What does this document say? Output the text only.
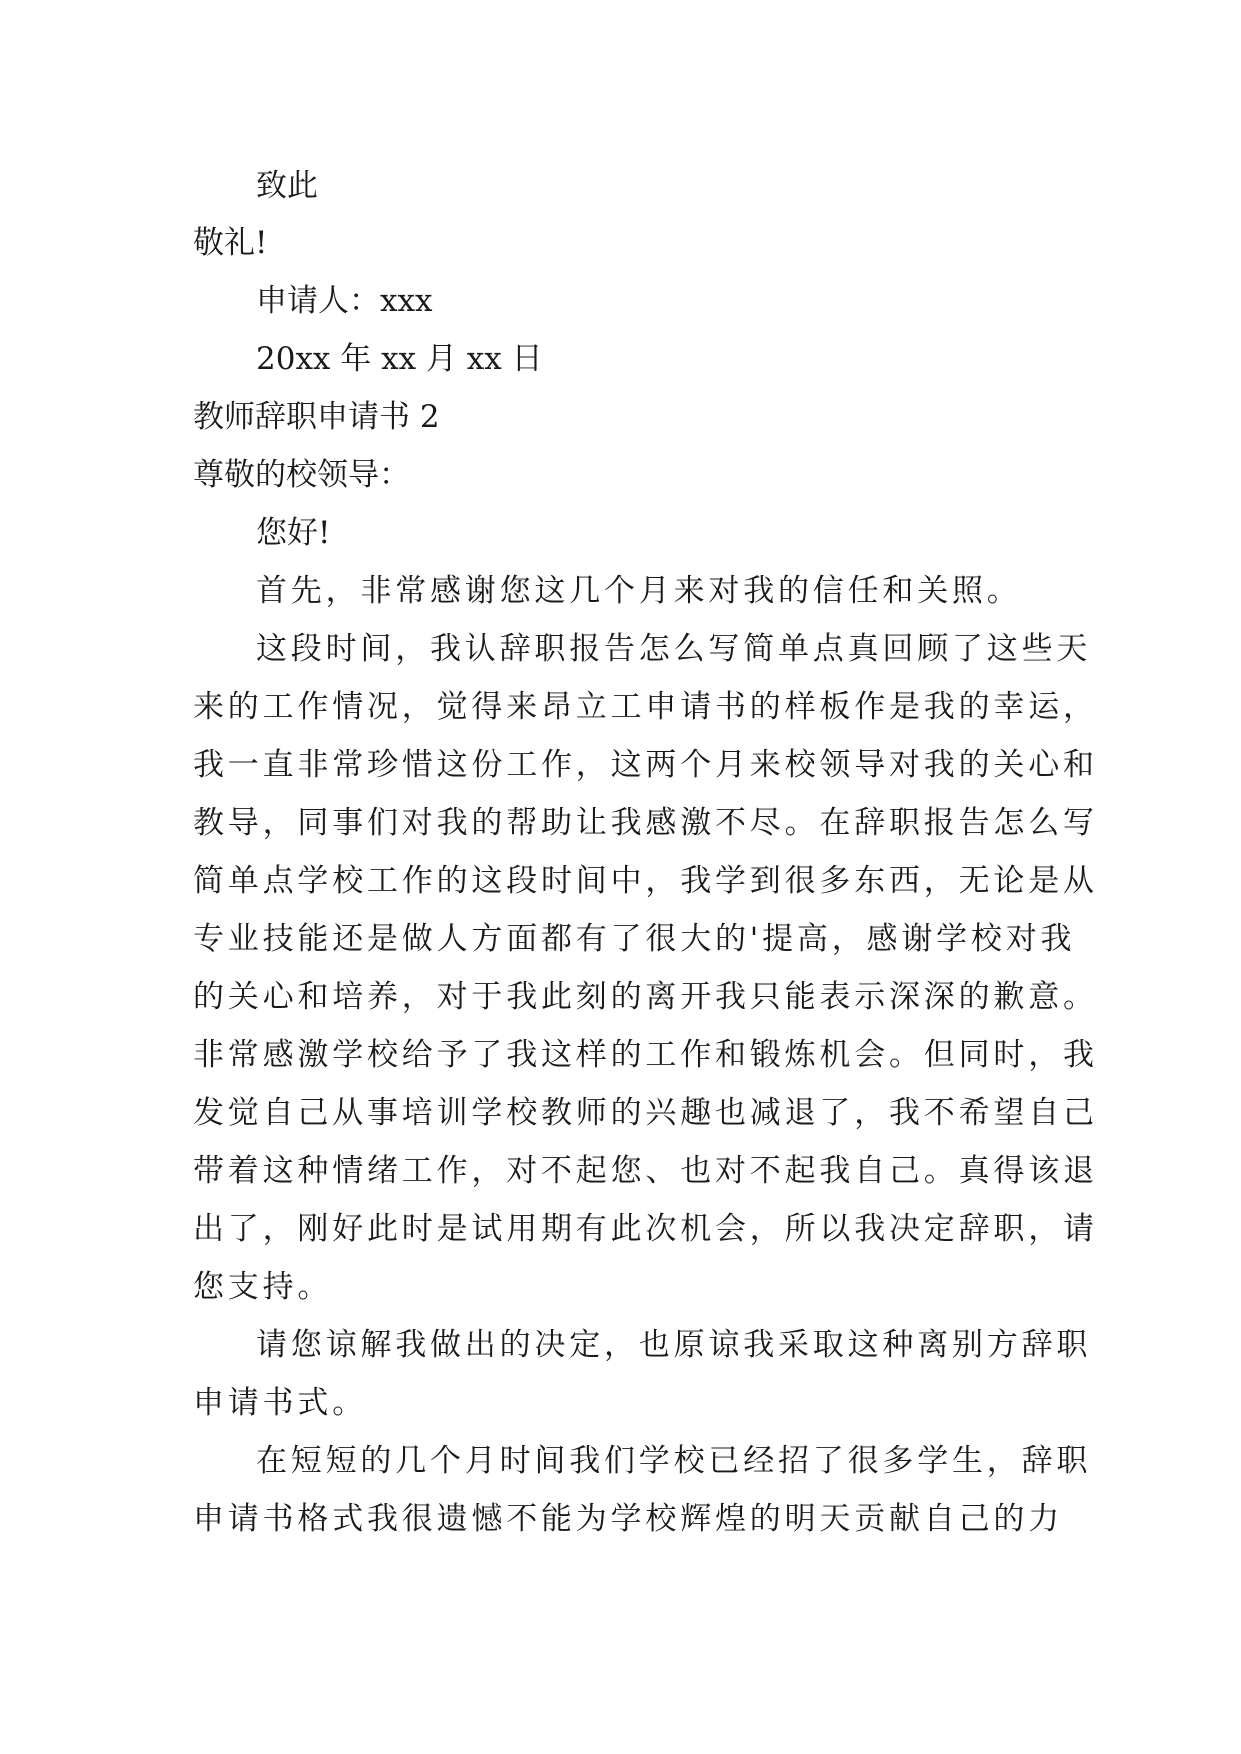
致此
敬礼!
申请人：xxx
20xx 年 xx 月 xx 日
教师辞职申请书 2
尊敬的校领导：
您好!
首先，非常感谢您这几个月来对我的信任和关照。
这段时间，我认辞职报告怎么写简单点真回顾了这些天
来的工作情况，觉得来昂立工申请书的样板作是我的幸运，
我一直非常珍惜这份工作，这两个月来校领导对我的关心和
教导，同事们对我的帮助让我感激不尽。在辞职报告怎么写
简单点学校工作的这段时间中，我学到很多东西，无论是从
专业技能还是做人方面都有了很大的'提高，感谢学校对我
的关心和培养，对于我此刻的离开我只能表示深深的歉意。
非常感激学校给予了我这样的工作和锻炼机会。但同时，我
发觉自己从事培训学校教师的兴趣也减退了，我不希望自己
带着这种情绪工作，对不起您、也对不起我自己。真得该退
出了，刚好此时是试用期有此次机会，所以我决定辞职，请
您支持。
请您谅解我做出的决定，也原谅我采取这种离别方辞职
申请书式。
在短短的几个月时间我们学校已经招了很多学生，辞职
申请书格式我很遗憾不能为学校辉煌的明天贡献自己的力
